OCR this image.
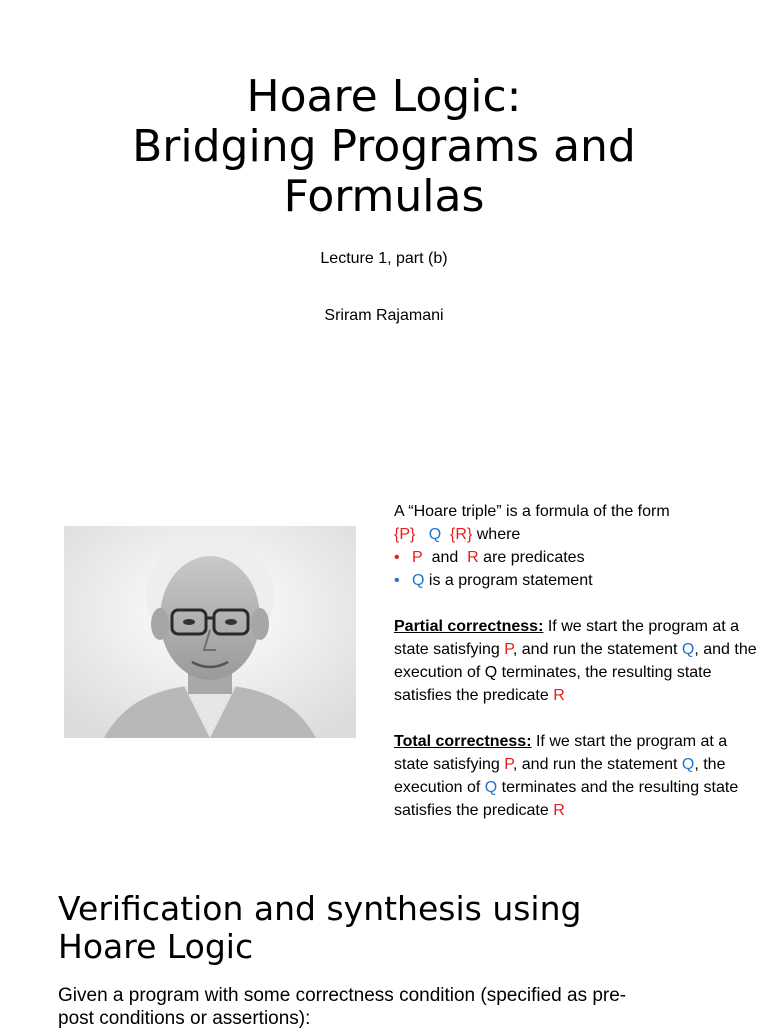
Hoare Logic:
Bridging Programs and
Formulas
Lecture 1, part (b)
Sriram Rajamani

A “Hoare triple” is a formula of the form

{P} Q {R} where

• P and R are predicates

• Q is a program statement

Partial correctness: If we start the program at a state satisfying P, and run the statement Q, and the execution of Q terminates, the resulting state satisfies the predicate R

Total correctness: If we start the program at a state satisfying P, and run the statement Q, the execution of Q terminates and the resulting state satisfies the predicate R

Verification and synthesis using
Hoare Logic
Given a program with some correctness condition (specified as pre-
post conditions or assertions):
